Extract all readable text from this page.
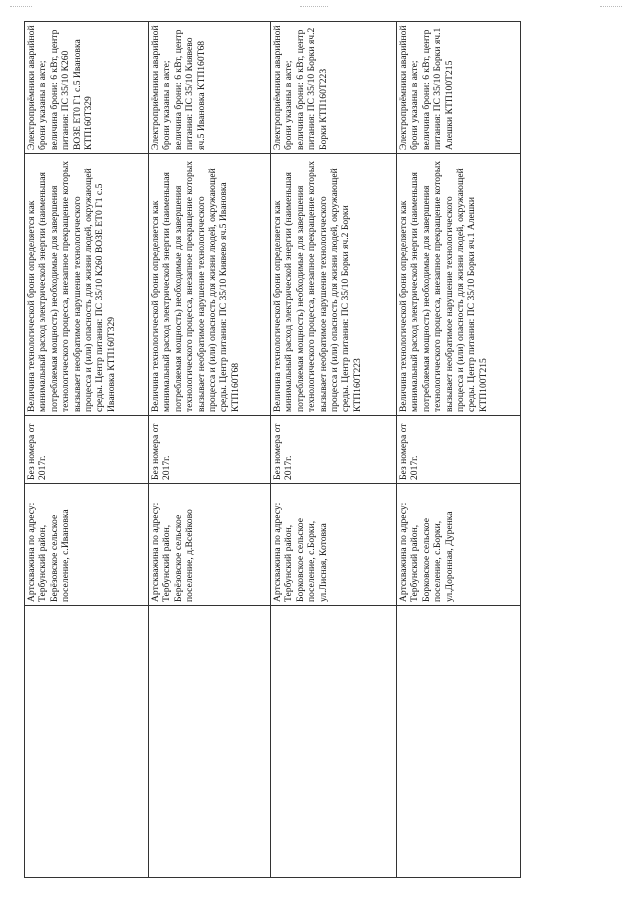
	Артскважина по адресу: Тербунский район, Берёзовское сельское поселение, с.Ивановка	Без номера от 2017г.	Величина технологической брони определяется как минимальный расход электрической энергии (наименьшая потребляемая мощность) необходимые для завершения технологического процесса, внезапное прекращение которых вызывает необратимое нарушение технологического процесса и (или) опасность для жизни людей, окружающей среды. Центр питания: ПС 35/10 К260 ВОЗЕ ЕТ0 Г1 с.5 Ивановка КТП160Т329	Электроприёмники аварийной брони указаны в акте; величина брони: 6 кВт, центр питания: ПС 35/10 К260 ВОЗЕ ЕТ0 Г1 с.5 Ивановка КТП160Т329
	Артскважина по адресу: Тербунский район, Берёзовское сельское поселение, д.Всейково	Без номера от 2017г.	Величина технологической брони определяется как минимальный расход электрической энергии (наименьшая потребляемая мощность) необходимые для завершения технологического процесса, внезапное прекращение которых вызывает необратимое нарушение технологического процесса и (или) опасность для жизни людей, окружающей среды. Центр питания: ПС 35/10 Киявево яч.5 Ивановка КТП160Т68	Электроприёмники аварийной брони указаны в акте; величина брони: 6 кВт, центр питания: ПС 35/10 Киявево яч.5 Ивановка КТП160Т68
	Артскважина по адресу: Тербунский район, Борковское сельское поселение, с.Борки, ул.Лисная, Котовка	Без номера от 2017г.	Величина технологической брони определяется как минимальный расход электрической энергии (наименьшая потребляемая мощность) необходимые для завершения технологического процесса, внезапное прекращение которых вызывает необратимое нарушение технологического процесса и (или) опасность для жизни людей, окружающей среды. Центр питания: ПС 35/10 Борки яч.2 Борки КТП160Т223	Электроприёмники аварийной брони указаны в акте; величина брони: 6 кВт, центр питания: ПС 35/10 Борки яч.2 Борки КТП160Т223
	Артскважина по адресу: Тербунский район, Борковское сельское поселение, с.Борки, ул.Доронная, Дуренка	Без номера от 2017г.	Величина технологической брони определяется как минимальный расход электрической энергии (наименьшая потребляемая мощность) необходимые для завершения технологического процесса, внезапное прекращение которых вызывает необратимое нарушение технологического процесса и (или) опасность для жизни людей, окружающей среды. Центр питания: ПС 35/10 Борки яч.1 Алешки КТП100Т215	Электроприёмники аварийной брони указаны в акте; величина брони: 6 кВт, центр питания: ПС 35/10 Борки яч.1 Алешки КТП100Т215
